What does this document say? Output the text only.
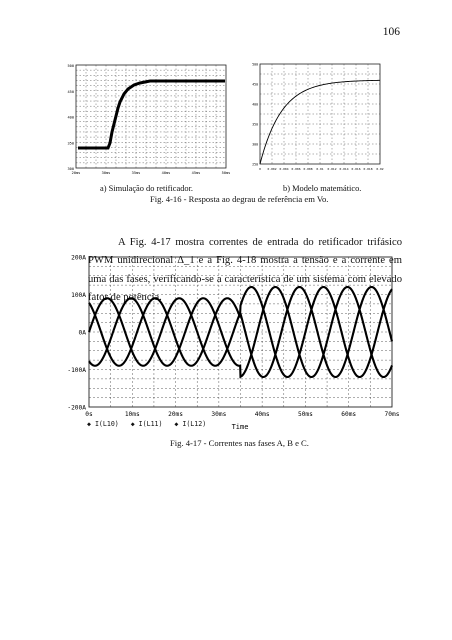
106
500
450
400
350
300
20ms	30ms	35ms	40ms	45ms	50ms
a) Simulação do retificador.
500
450
400
350
300
250
0 0.002 0.004 0.006 0.008 0.01 0.012 0.014 0.016 0.018 0.02
b) Modelo matemático.
Fig. 4-16 - Resposta ao degrau de referência em Vo.

A Fig. 4-17 mostra correntes de entrada do retificador trifásico PWM unidirecional Δ_1 e a Fig. 4-18 mostra a tensão e a corrente em uma das fases, verificando-se a característica de um sistema com elevado fator de potência.

200A
100A
0A
-100A
-200A
0s	10ms	20ms	30ms	40ms	50ms	60ms	70ms
Time
◆ I(L10) ◆ I(L11) ◆ I(L12)
Fig. 4-17 - Correntes nas fases A, B e C.
